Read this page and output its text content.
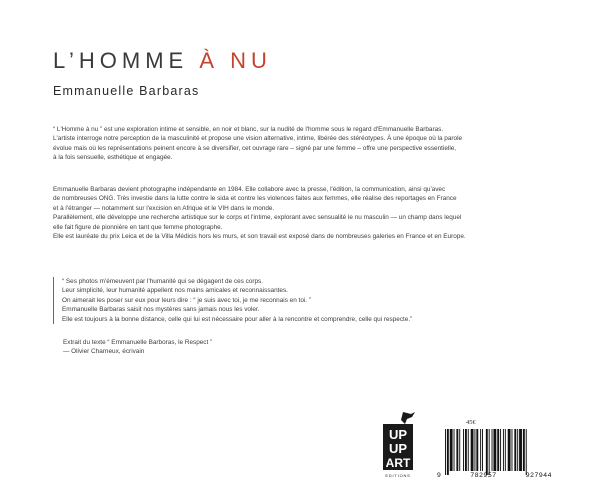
L’HOMME À NU
Emmanuelle Barbaras

“ L'Homme à nu ” est une exploration intime et sensible, en noir et blanc, sur la nudité de l'homme sous le regard d'Emmanuelle Barbaras.

L'artiste interroge notre perception de la masculinité et propose une vision alternative, intime, libérée des stéréotypes. À une époque où la parole

évolue mais où les représentations peinent encore à se diversifier, cet ouvrage rare – signé par une femme – offre une perspective essentielle,

à la fois sensuelle, esthétique et engagée.

Emmanuelle Barbaras devient photographe indépendante en 1984. Elle collabore avec la presse, l'édition, la communication, ainsi qu'avec

de nombreuses ONG. Très investie dans la lutte contre le sida et contre les violences faites aux femmes, elle réalise des reportages en France

et à l'étranger — notamment sur l'excision en Afrique et le VIH dans le monde.

Parallèlement, elle développe une recherche artistique sur le corps et l'intime, explorant avec sensualité le nu masculin — un champ dans lequel

elle fait figure de pionnière en tant que femme photographe.

Elle est lauréate du prix Leica et de la Villa Médicis hors les murs, et son travail est exposé dans de nombreuses galeries en France et en Europe.

“ Ses photos m'émeuvent par l'humanité qui se dégagent de ces corps.

Leur simplicité, leur humanité appellent nos mains amicales et reconnaissantes.

On aimerait les poser sur eux pour leurs dire : “ je suis avec toi, je me reconnais en toi. ”

Emmanuelle Barbaras saisit nos mystères sans jamais nous les voler.

Elle est toujours à la bonne distance, celle qui lui est nécessaire pour aller à la rencontre et comprendre, celle qui respecte.”

Extrait du texte “ Emmanuelle Barboras, le Respect ”

— Olivier Charneux, écrivain

UP
UP
ART
EDITIONS
45€
9	782957	927944
